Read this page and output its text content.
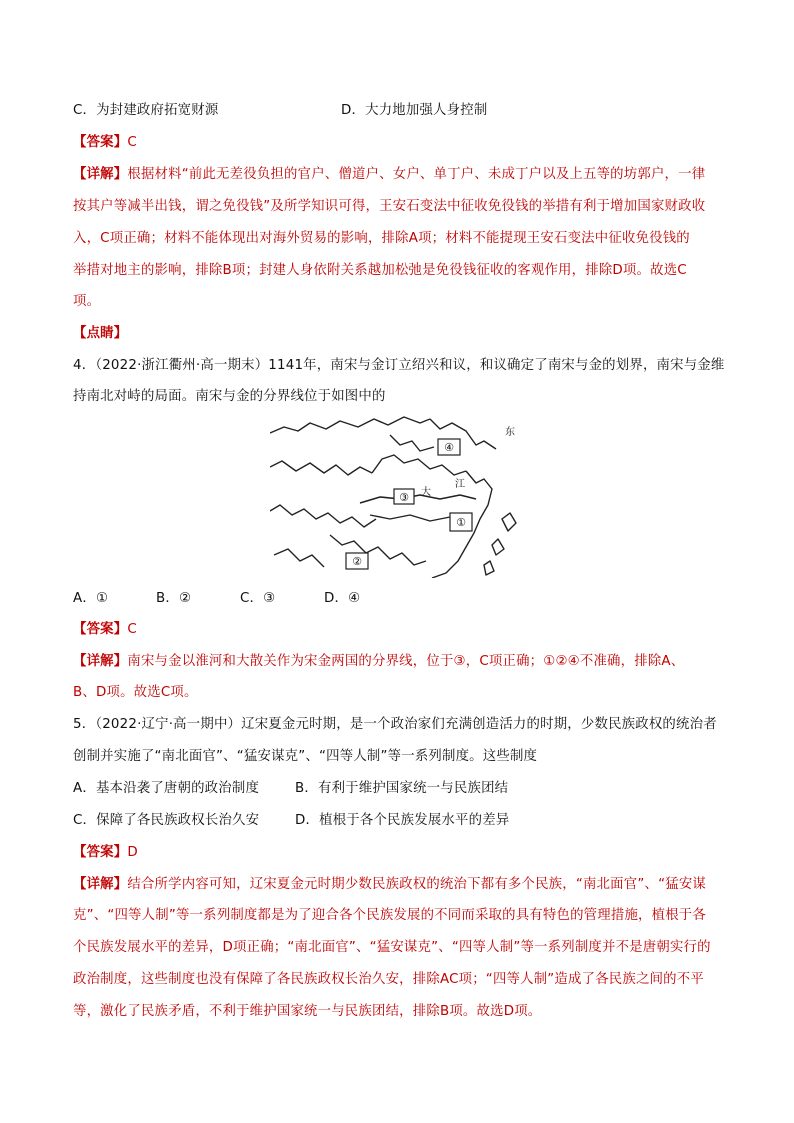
C．为封建政府拓宽财源	D．大力地加强人身控制
【答案】C
【详解】根据材料“前此无差役负担的官户、僧道户、女户、单丁户、未成丁户以及上五等的坊郭户，一律
按其户等减半出钱，谓之免役钱”及所学知识可得，王安石变法中征收免役钱的举措有利于增加国家财政收
入，C项正确；材料不能体现出对海外贸易的影响，排除A项；材料不能提现王安石变法中征收免役钱的
举措对地主的影响，排除B项；封建人身依附关系越加松弛是免役钱征收的客观作用，排除D项。故选C
项。
【点睛】
4．（2022·浙江衢州·高一期末）1141年，南宋与金订立绍兴和议，和议确定了南宋与金的划界，南宋与金维
持南北对峙的局面。南宋与金的分界线位于如图中的
④
③
①
②
大
江
东
A．①	B．②	C．③	D．④
【答案】C
【详解】南宋与金以淮河和大散关作为宋金两国的分界线，位于③，C项正确；①②④不准确，排除A、
B、D项。故选C项。
5．（2022·辽宁·高一期中）辽宋夏金元时期，是一个政治家们充满创造活力的时期，少数民族政权的统治者
创制并实施了“南北面官”、“猛安谋克”、“四等人制”等一系列制度。这些制度
A．基本沿袭了唐朝的政治制度	B．有利于维护国家统一与民族团结
C．保障了各民族政权长治久安	D．植根于各个民族发展水平的差异
【答案】D
【详解】结合所学内容可知，辽宋夏金元时期少数民族政权的统治下都有多个民族，“南北面官”、“猛安谋
克”、“四等人制”等一系列制度都是为了迎合各个民族发展的不同而采取的具有特色的管理措施，植根于各
个民族发展水平的差异，D项正确；“南北面官”、“猛安谋克”、“四等人制”等一系列制度并不是唐朝实行的
政治制度，这些制度也没有保障了各民族政权长治久安，排除AC项；“四等人制”造成了各民族之间的不平
等，激化了民族矛盾，不利于维护国家统一与民族团结，排除B项。故选D项。
